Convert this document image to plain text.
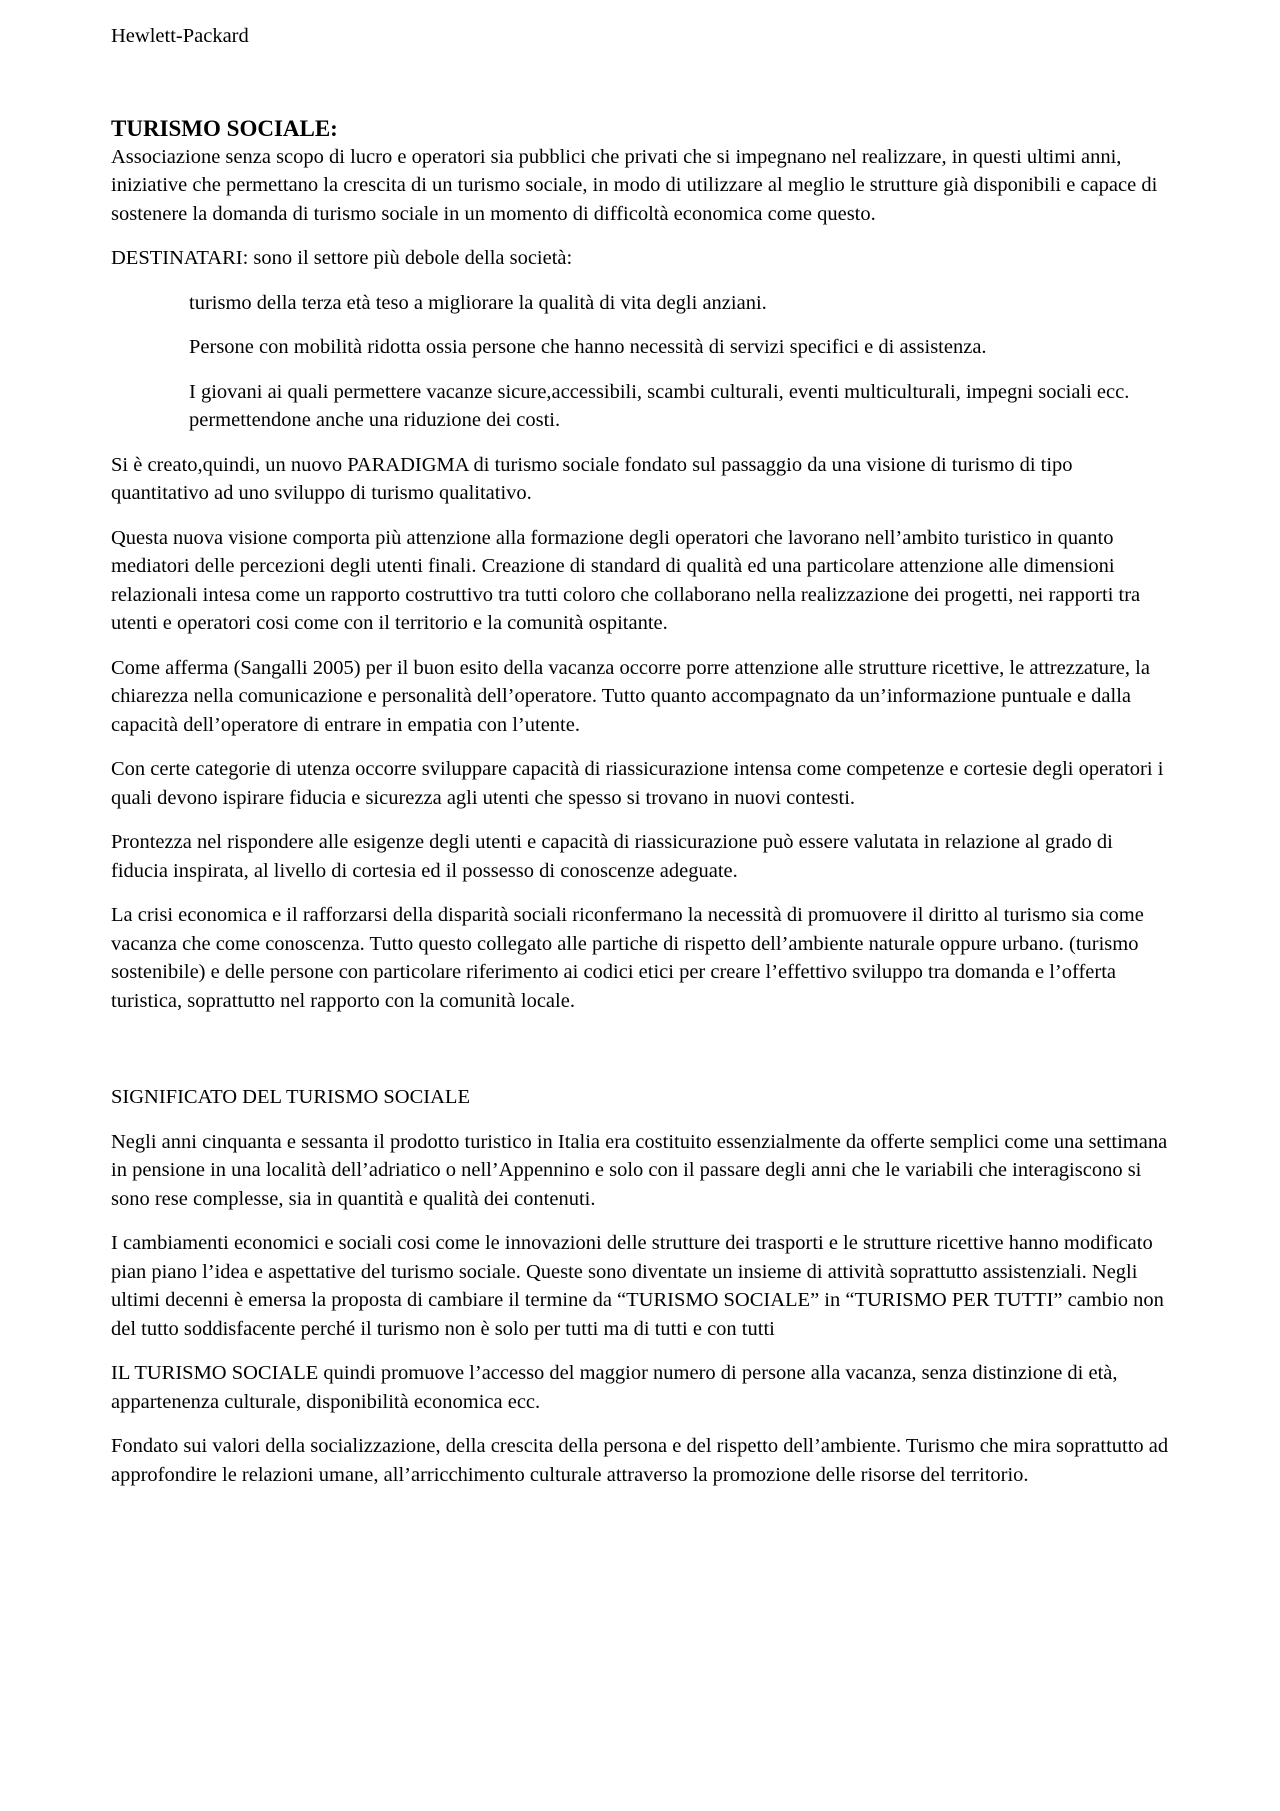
Hewlett-Packard
TURISMO SOCIALE:

Associazione senza scopo di lucro e operatori sia pubblici che privati che si impegnano nel realizzare, in questi ultimi anni, iniziative che permettano la crescita di un turismo sociale, in modo di utilizzare al meglio le strutture già disponibili e capace di sostenere la domanda di turismo sociale in un momento di difficoltà economica come questo.

DESTINATARI: sono il settore più debole della società:

turismo della terza età teso a migliorare la qualità di vita degli anziani.

Persone con mobilità ridotta ossia persone che hanno necessità di servizi specifici e di assistenza.

I giovani ai quali permettere vacanze sicure,accessibili, scambi culturali, eventi multiculturali, impegni sociali ecc. permettendone anche una riduzione dei costi.

Si è creato,quindi, un nuovo PARADIGMA di turismo sociale fondato sul passaggio da una visione di turismo di tipo quantitativo ad uno sviluppo di turismo qualitativo.

Questa nuova visione comporta più attenzione alla formazione degli operatori che lavorano nell’ambito turistico in quanto mediatori delle percezioni degli utenti finali. Creazione di standard di qualità ed una particolare attenzione alle dimensioni relazionali intesa come un rapporto costruttivo tra tutti coloro che collaborano nella realizzazione dei progetti, nei rapporti tra utenti e operatori cosi come con il territorio e la comunità ospitante.

Come afferma (Sangalli 2005) per il buon esito della vacanza occorre porre attenzione alle strutture ricettive, le attrezzature, la chiarezza nella comunicazione e personalità dell’operatore. Tutto quanto accompagnato da un’informazione puntuale e dalla capacità dell’operatore di entrare in empatia con l’utente.

Con certe categorie di utenza occorre sviluppare capacità di riassicurazione intensa come competenze e cortesie degli operatori i quali devono ispirare fiducia e sicurezza agli utenti che spesso si trovano in nuovi contesti.

Prontezza nel rispondere alle esigenze degli utenti e capacità di riassicurazione può essere valutata in relazione al grado di fiducia inspirata, al livello di cortesia ed il possesso di conoscenze adeguate.

La crisi economica e il rafforzarsi della disparità sociali riconfermano la necessità di promuovere il diritto al turismo sia come vacanza che come conoscenza. Tutto questo collegato alle partiche di rispetto dell’ambiente naturale oppure urbano. (turismo sostenibile) e delle persone con particolare riferimento ai codici etici per creare l’effettivo sviluppo tra domanda e l’offerta turistica, soprattutto nel rapporto con la comunità locale.

SIGNIFICATO DEL TURISMO SOCIALE

Negli anni cinquanta e sessanta il prodotto turistico in Italia era costituito essenzialmente da offerte semplici come una settimana in pensione in una località dell’adriatico o nell’Appennino e solo con il passare degli anni che le variabili che interagiscono si sono rese complesse, sia in quantità e qualità dei contenuti.

I cambiamenti economici e sociali cosi come le innovazioni delle strutture dei trasporti e le strutture ricettive hanno modificato pian piano l’idea e aspettative del turismo sociale. Queste sono diventate un insieme di attività soprattutto assistenziali. Negli ultimi decenni è emersa la proposta di cambiare il termine da “TURISMO SOCIALE” in “TURISMO PER TUTTI” cambio non del tutto soddisfacente perché il turismo non è solo per tutti ma di tutti e con tutti

IL TURISMO SOCIALE quindi promuove l’accesso del maggior numero di persone alla vacanza, senza distinzione di età, appartenenza culturale, disponibilità economica ecc.

Fondato sui valori della socializzazione, della crescita della persona e del rispetto dell’ambiente. Turismo che mira soprattutto ad approfondire le relazioni umane, all’arricchimento culturale attraverso la promozione delle risorse del territorio.
